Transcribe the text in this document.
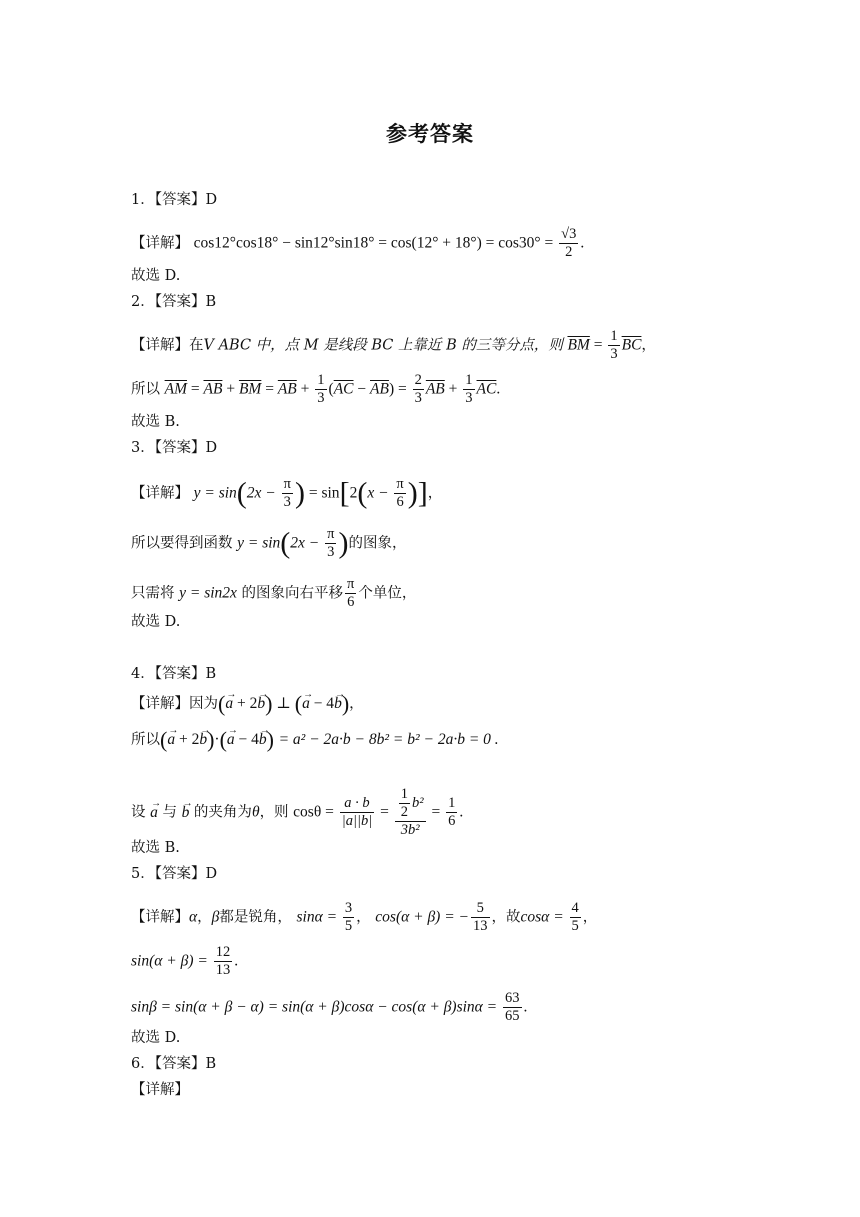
参考答案
1．【答案】D
【详解】 $\cos 12^\circ\cos 18^\circ - \sin 12^\circ\sin 18^\circ = \cos(12^\circ + 18^\circ) = \cos 30^\circ = \frac{√3}{2}$ .
故选 D.
2．【答案】B
【详解】在V ABC 中，点 M 是线段 BC 上靠近 B 的三等分点，则 $\overline{BM} = \frac{1}{3} \overline{BC}$，
所以 $\overline{AM} = \overline{AB} + \overline{BM} = \overline{AB} + \frac{1}{3} (\overline{AC} - \overline{AB}) = \frac{2}{3} \overline{AB} + \frac{1}{3} \overline{AC}$.
故选 B.
3．【答案】D
【详解】 $y = \sin(2x - \frac{\pi}{3}$ ) = $\sin[2(x - \frac{\pi}{6}$ )]，
所以要得到函数 $y = \sin(2x - \frac{\pi}{3}$ )的图象，
只需将 y = sin2x 的图象向右平移 $\frac{\pi}{6}$ 个单位，
故选 D.
4．【答案】B
【详解】因为(→ a + 2→ b) ⊥ (→ a − 4→ b)，
所以(→ a + 2→ b)·(→ a − 4→ b) = a² − 2a·b − 8b² = b² − 2a·b = 0 .
设 → a 与 → b 的夹角为θ，则 $\cos\theta = \frac{a \cdot b}{|a||b|} = \frac{\frac{1}{2} b^2}{\text{3b²}} = \frac{1}{6}$ .
故选 B.
5．【答案】D
【详解】α，β都是锐角， $\sin\alpha = \frac{3}{5}$ ， cos(α + β) = − $\frac{5}{13}$ ，故$\cos\alpha = \frac{4}{5}$ ，
$\sin(\alpha + \beta) = \frac{12}{13}$ .
$\sin\beta = \sin(\alpha + \beta - \alpha) = \sin(\alpha + \beta)\cos\alpha - \cos(\alpha + \beta)\sin\alpha = \frac{63}{65}$ .
故选 D.
6．【答案】B
【详解】
